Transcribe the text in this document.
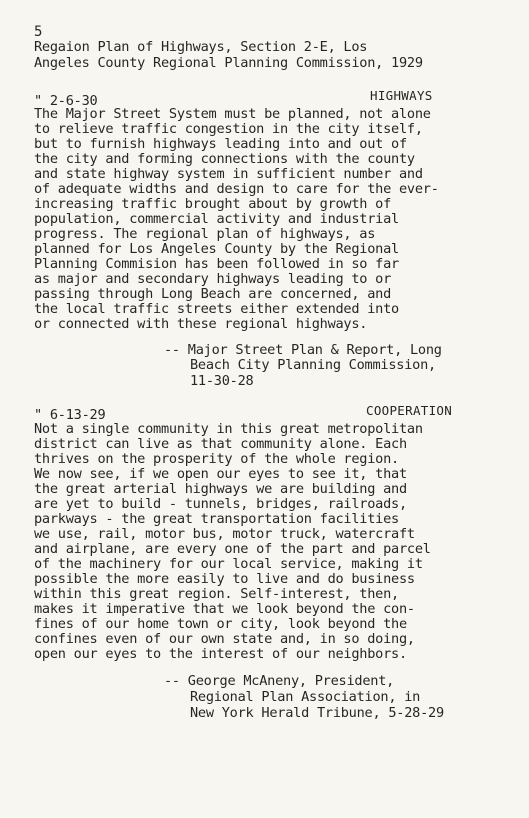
5
Regaion Plan of Highways, Section 2-E, Los
Angeles County Regional Planning Commission, 1929
" 2-6-30	HIGHWAYS
The Major Street System must be planned, not alone
to relieve traffic congestion in the city itself,
but to furnish highways leading into and out of
the city and forming connections with the county
and state highway system in sufficient number and
of adequate widths and design to care for the ever-
increasing traffic brought about by growth of
population, commercial activity and industrial
progress. The regional plan of highways, as
planned for Los Angeles County by the Regional
Planning Commision has been followed in so far
as major and secondary highways leading to or
passing through Long Beach are concerned, and
the local traffic streets either extended into
or connected with these regional highways.
-- Major Street Plan & Report, Long
Beach City Planning Commission,
11-30-28
" 6-13-29	COOPERATION
Not a single community in this great metropolitan
district can live as that community alone. Each
thrives on the prosperity of the whole region.
We now see, if we open our eyes to see it, that
the great arterial highways we are building and
are yet to build - tunnels, bridges, railroads,
parkways - the great transportation facilities
we use, rail, motor bus, motor truck, watercraft
and airplane, are every one of the part and parcel
of the machinery for our local service, making it
possible the more easily to live and do business
within this great region. Self-interest, then,
makes it imperative that we look beyond the con-
fines of our home town or city, look beyond the
confines even of our own state and, in so doing,
open our eyes to the interest of our neighbors.
-- George McAneny, President,
Regional Plan Association, in
New York Herald Tribune, 5-28-29
